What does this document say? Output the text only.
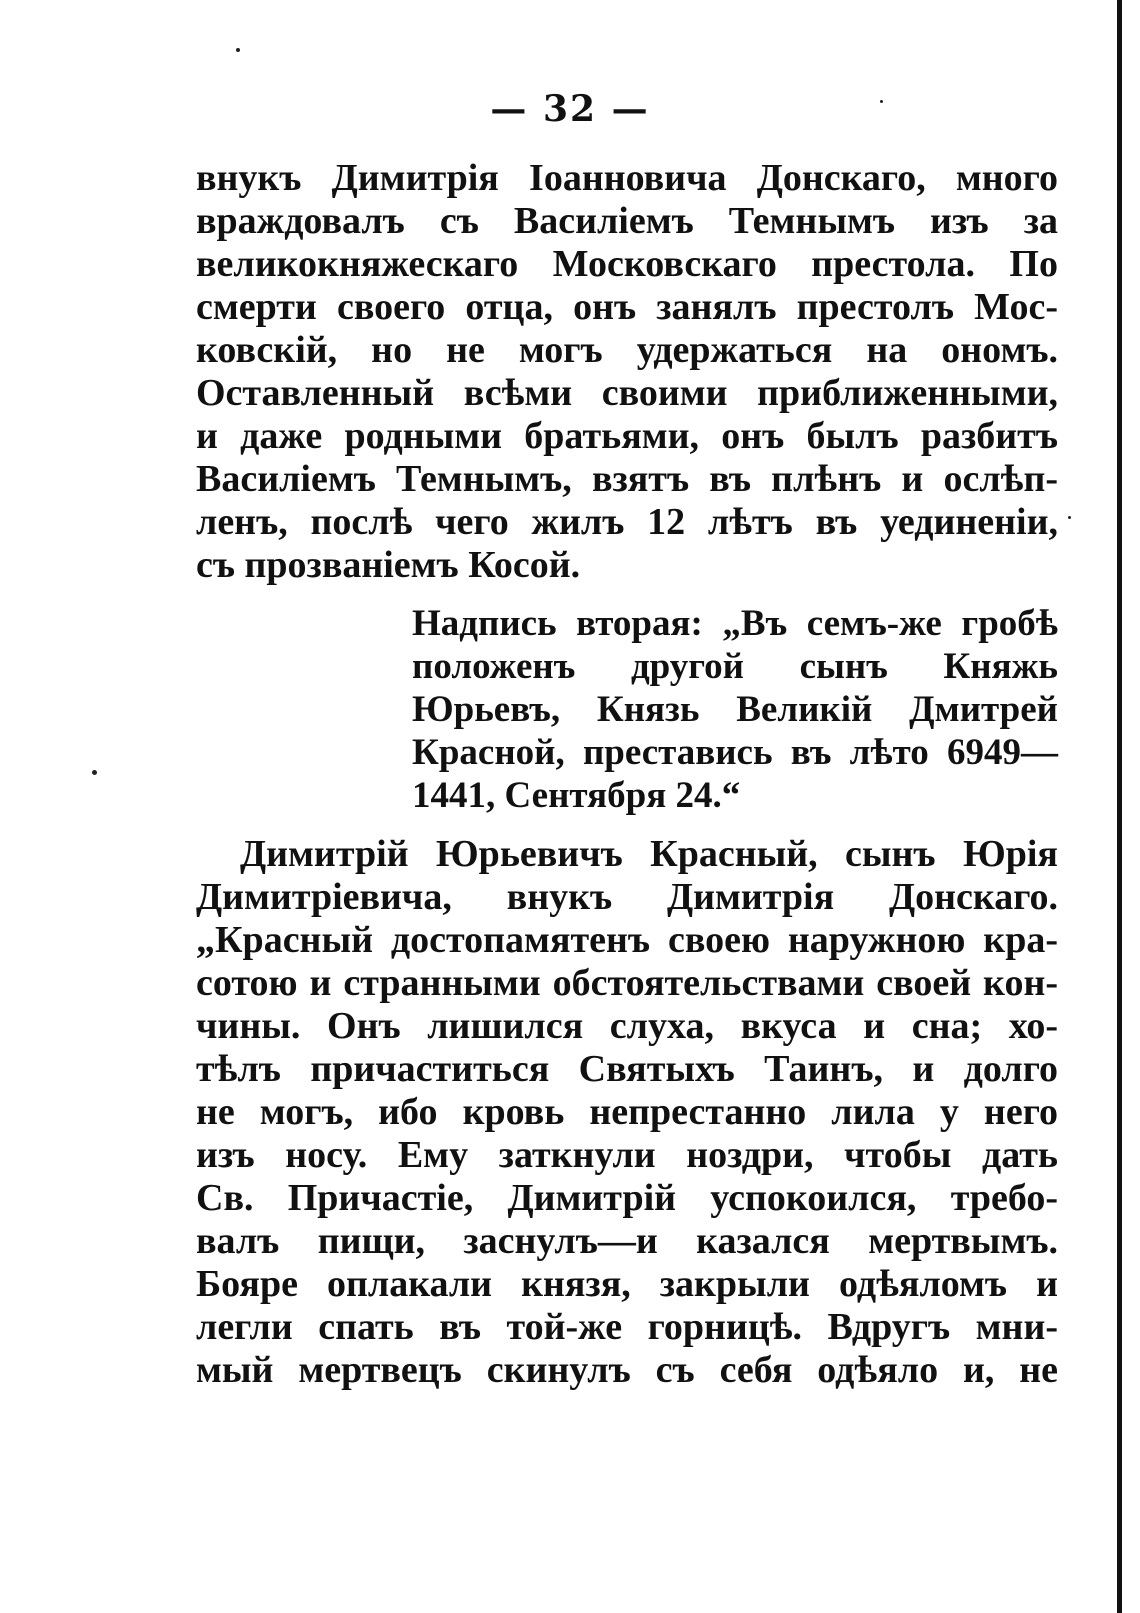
— 32 —
внукъ Димитрія Іоанновича Донскаго, много
враждовалъ съ Василіемъ Темнымъ изъ за
великокняжескаго Московскаго престола. По
смерти своего отца, онъ занялъ престолъ Мос-
ковскій, но не могъ удержаться на ономъ.
Оставленный всѣми своими приближенными,
и даже родными братьями, онъ былъ разбитъ
Василіемъ Темнымъ, взятъ въ плѣнъ и ослѣп-
ленъ, послѣ чего жилъ 12 лѣтъ въ уединеніи,
съ прозваніемъ Косой.
Надпись вторая: „Въ семъ-же гробѣ
положенъ другой сынъ Княжь
Юрьевъ, Князь Великій Дмитрей
Красной, преставись въ лѣто 6949—
1441, Сентября 24.“
Димитрій Юрьевичъ Красный, сынъ Юрія
Димитріевича, внукъ Димитрія Донскаго.
„Красный достопамятенъ своею наружною кра-
сотою и странными обстоятельствами своей кон-
чины. Онъ лишился слуха, вкуса и сна; хо-
тѣлъ причаститься Святыхъ Таинъ, и долго
не могъ, ибо кровь непрестанно лила у него
изъ носу. Ему заткнули ноздри, чтобы дать
Св. Причастіе, Димитрій успокоился, требо-
валъ пищи, заснулъ—и казался мертвымъ.
Бояре оплакали князя, закрыли одѣяломъ и
легли спать въ той-же горницѣ. Вдругъ мни-
мый мертвецъ скинулъ съ себя одѣяло и, не
